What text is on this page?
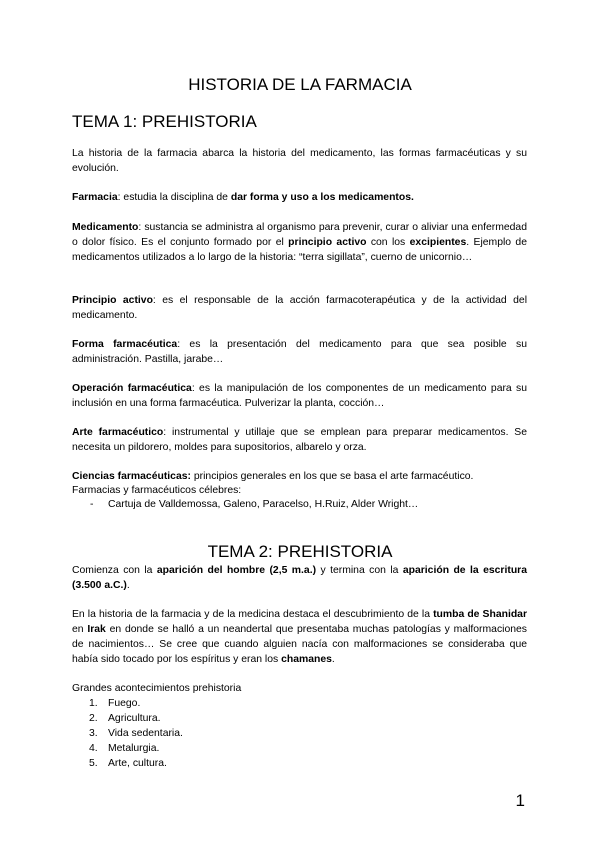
HISTORIA DE LA FARMACIA
TEMA 1: PREHISTORIA

La historia de la farmacia abarca la historia del medicamento, las formas farmacéuticas y su evolución.

Farmacia: estudia la disciplina de dar forma y uso a los medicamentos.

Medicamento: sustancia se administra al organismo para prevenir, curar o aliviar una enfermedad o dolor físico. Es el conjunto formado por el principio activo con los excipientes. Ejemplo de medicamentos utilizados a lo largo de la historia: “terra sigillata”, cuerno de unicornio…

Principio activo: es el responsable de la acción farmacoterapéutica y de la actividad del medicamento.

Forma farmacéutica: es la presentación del medicamento para que sea posible su administración. Pastilla, jarabe…

Operación farmacéutica: es la manipulación de los componentes de un medicamento para su inclusión en una forma farmacéutica. Pulverizar la planta, cocción…

Arte farmacéutico: instrumental y utillaje que se emplean para preparar medicamentos. Se necesita un pildorero, moldes para supositorios, albarelo y orza.

Ciencias farmacéuticas: principios generales en los que se basa el arte farmacéutico.

Farmacias y farmacéuticos célebres:

- Cartuja de Valldemossa, Galeno, Paracelso, H.Ruiz, Alder Wright…
TEMA 2: PREHISTORIA

Comienza con la aparición del hombre (2,5 m.a.) y termina con la aparición de la escritura (3.500 a.C.).

En la historia de la farmacia y de la medicina destaca el descubrimiento de la tumba de Shanidar en Irak en donde se halló a un neandertal que presentaba muchas patologías y malformaciones de nacimientos… Se cree que cuando alguien nacía con malformaciones se consideraba que había sido tocado por los espíritus y eran los chamanes.

Grandes acontecimientos prehistoria

1. Fuego.
2. Agricultura.
3. Vida sedentaria.
4. Metalurgia.
5. Arte, cultura.
1
